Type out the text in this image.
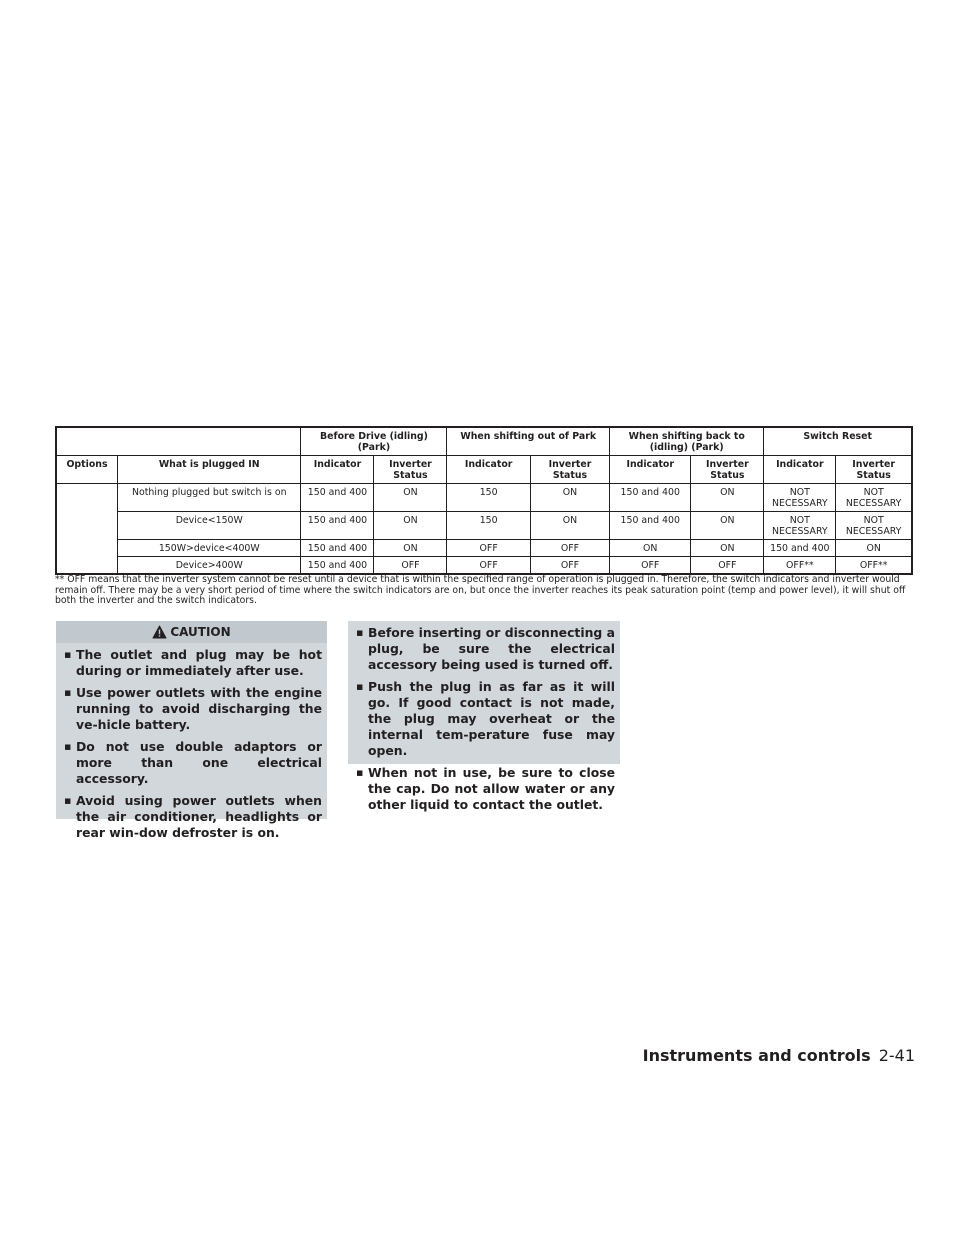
		Before Drive (idling) (Park)		When shifting out of Park		When shifting back to (idling) (Park)		Switch Reset	
Options	What is plugged IN	Indicator	Inverter Status	Indicator	Inverter Status	Indicator	Inverter Status	Indicator	Inverter Status
	Nothing plugged but switch is on	150 and 400	ON	150	ON	150 and 400	ON	NOT NECESSARY	NOT NECESSARY
	Device<150W	150 and 400	ON	150	ON	150 and 400	ON	NOT NECESSARY	NOT NECESSARY
	150W>device<400W	150 and 400	ON	OFF	OFF	ON	ON	150 and 400	ON
	Device>400W	150 and 400	OFF	OFF	OFF	OFF	OFF	OFF**	OFF**
** OFF means that the inverter system cannot be reset until a device that is within the specified range of operation is plugged in. Therefore, the switch indicators and inverter would remain off. There may be a very short period of time where the switch indicators are on, but once the inverter reaches its peak saturation point (temp and power level), it will shut off both the inverter and the switch indicators.
CAUTION
▪ The outlet and plug may be hot during or immediately after use.
▪ Use power outlets with the engine running to avoid discharging the ve-hicle battery.
▪ Do not use double adaptors or more than one electrical accessory.
▪ Avoid using power outlets when the air conditioner, headlights or rear win-dow defroster is on.
▪ Before inserting or disconnecting a plug, be sure the electrical accessory being used is turned off.
▪ Push the plug in as far as it will go. If good contact is not made, the plug may overheat or the internal tem-perature fuse may open.
▪ When not in use, be sure to close the cap. Do not allow water or any other liquid to contact the outlet.
Instruments and controls 2-41
